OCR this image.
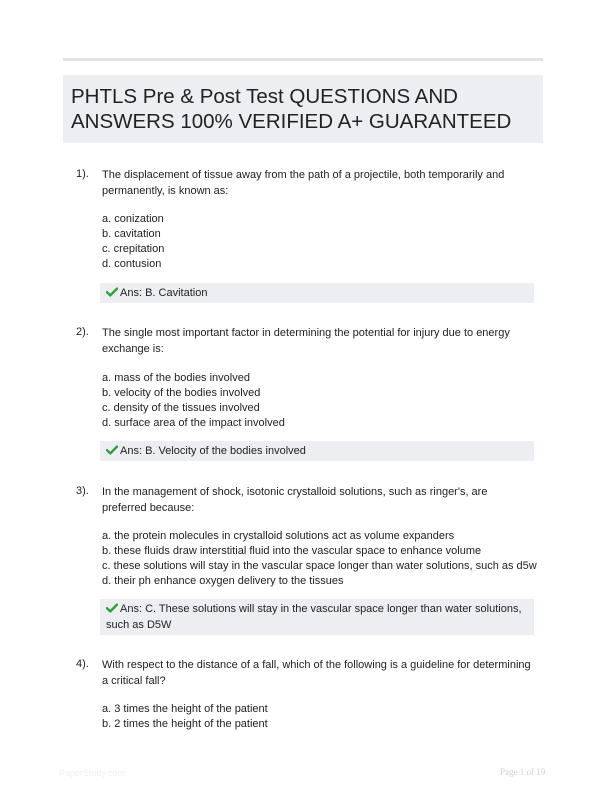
PHTLS Pre & Post Test QUESTIONS AND ANSWERS 100% VERIFIED A+ GUARANTEED
1). The displacement of tissue away from the path of a projectile, both temporarily and permanently, is known as:
a. conization
b. cavitation
c. crepitation
d. contusion
Ans: B. Cavitation
2). The single most important factor in determining the potential for injury due to energy exchange is:
a. mass of the bodies involved
b. velocity of the bodies involved
c. density of the tissues involved
d. surface area of the impact involved
Ans: B. Velocity of the bodies involved
3). In the management of shock, isotonic crystalloid solutions, such as ringer's, are preferred because:
a. the protein molecules in crystalloid solutions act as volume expanders
b. these fluids draw interstitial fluid into the vascular space to enhance volume
c. these solutions will stay in the vascular space longer than water solutions, such as d5w
d. their ph enhance oxygen delivery to the tissues
Ans: C. These solutions will stay in the vascular space longer than water solutions, such as D5W
4). With respect to the distance of a fall, which of the following is a guideline for determining a critical fall?
a. 3 times the height of the patient
b. 2 times the height of the patient
PaperStudy.com	Page 1 of 19
